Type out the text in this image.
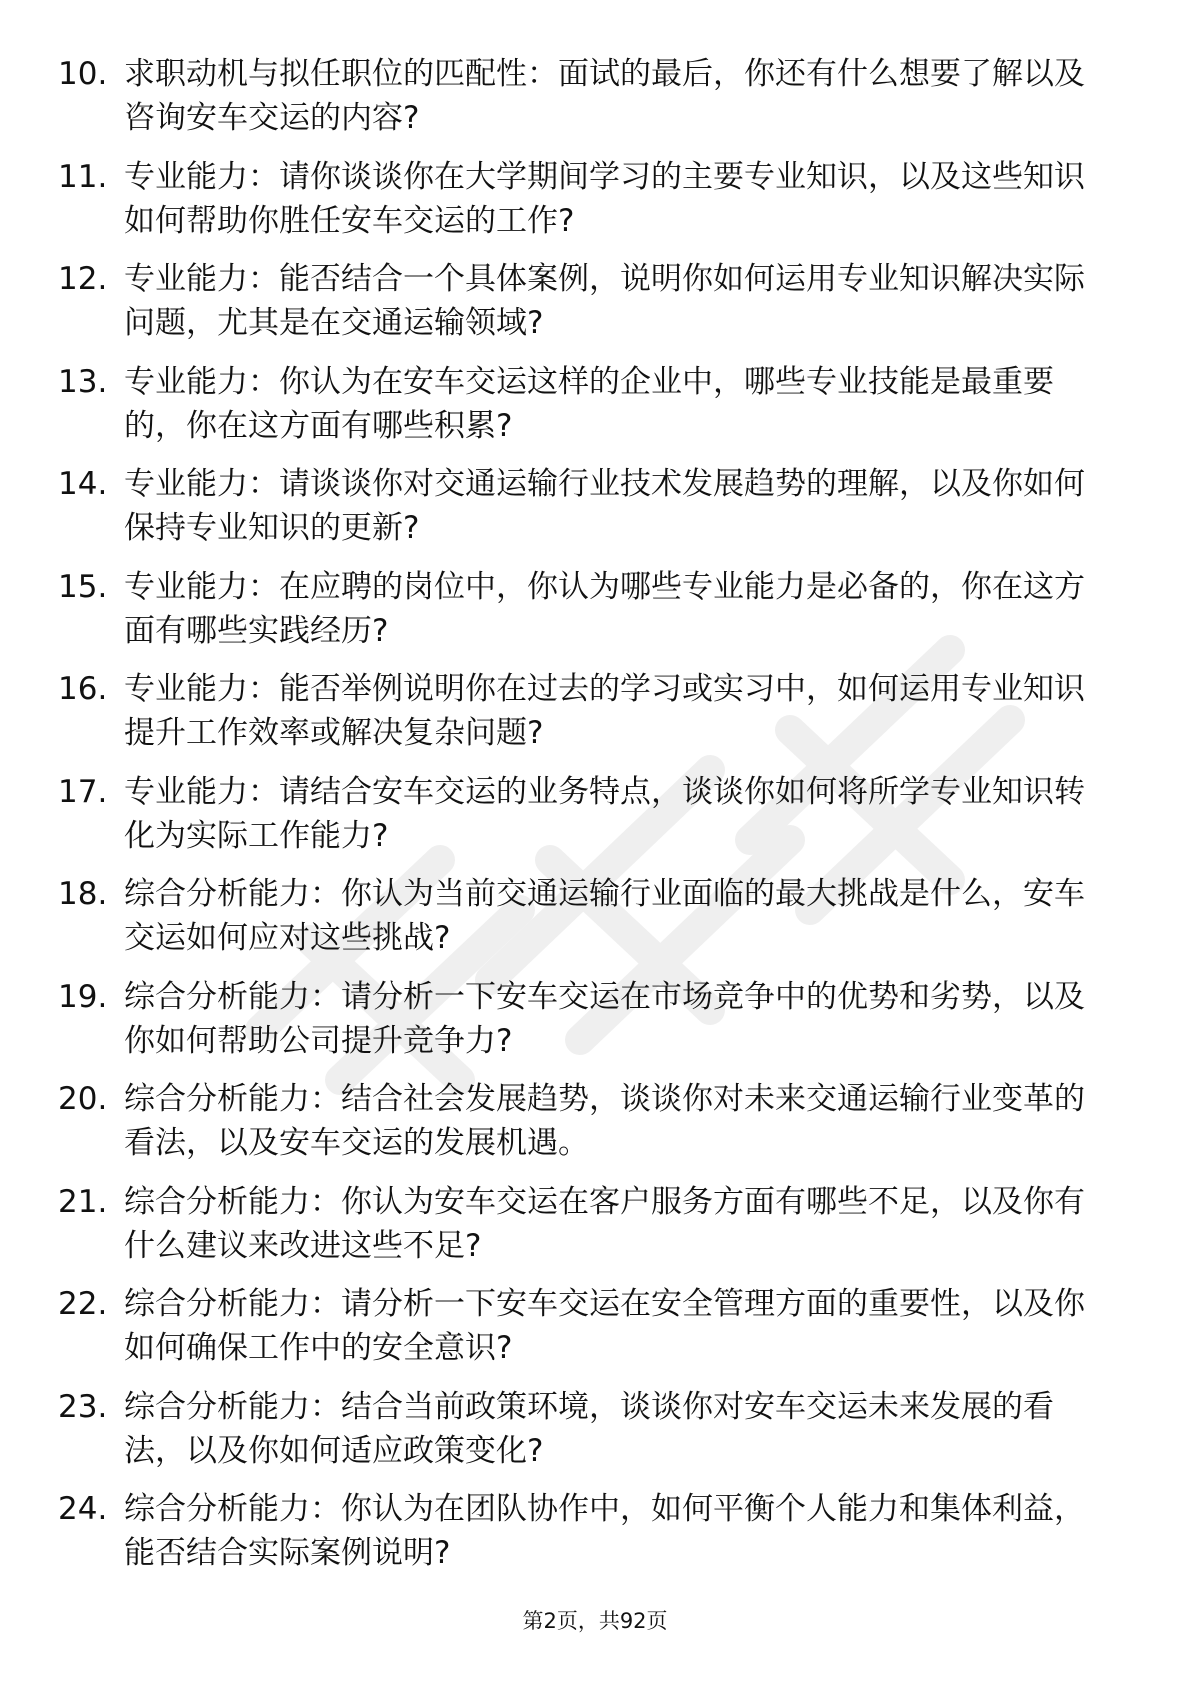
10. 求职动机与拟任职位的匹配性：面试的最后，你还有什么想要了解以及咨询安车交运的内容?
11. 专业能力：请你谈谈你在大学期间学习的主要专业知识，以及这些知识如何帮助你胜任安车交运的工作?
12. 专业能力：能否结合一个具体案例，说明你如何运用专业知识解决实际问题，尤其是在交通运输领域?
13. 专业能力：你认为在安车交运这样的企业中，哪些专业技能是最重要的，你在这方面有哪些积累?
14. 专业能力：请谈谈你对交通运输行业技术发展趋势的理解，以及你如何保持专业知识的更新?
15. 专业能力：在应聘的岗位中，你认为哪些专业能力是必备的，你在这方面有哪些实践经历?
16. 专业能力：能否举例说明你在过去的学习或实习中，如何运用专业知识提升工作效率或解决复杂问题?
17. 专业能力：请结合安车交运的业务特点，谈谈你如何将所学专业知识转化为实际工作能力?
18. 综合分析能力：你认为当前交通运输行业面临的最大挑战是什么，安车交运如何应对这些挑战?
19. 综合分析能力：请分析一下安车交运在市场竞争中的优势和劣势，以及你如何帮助公司提升竞争力?
20. 综合分析能力：结合社会发展趋势，谈谈你对未来交通运输行业变革的看法，以及安车交运的发展机遇。
21. 综合分析能力：你认为安车交运在客户服务方面有哪些不足，以及你有什么建议来改进这些不足?
22. 综合分析能力：请分析一下安车交运在安全管理方面的重要性，以及你如何确保工作中的安全意识?
23. 综合分析能力：结合当前政策环境，谈谈你对安车交运未来发展的看法，以及你如何适应政策变化?
24. 综合分析能力：你认为在团队协作中，如何平衡个人能力和集体利益，能否结合实际案例说明?
第2页，共92页
